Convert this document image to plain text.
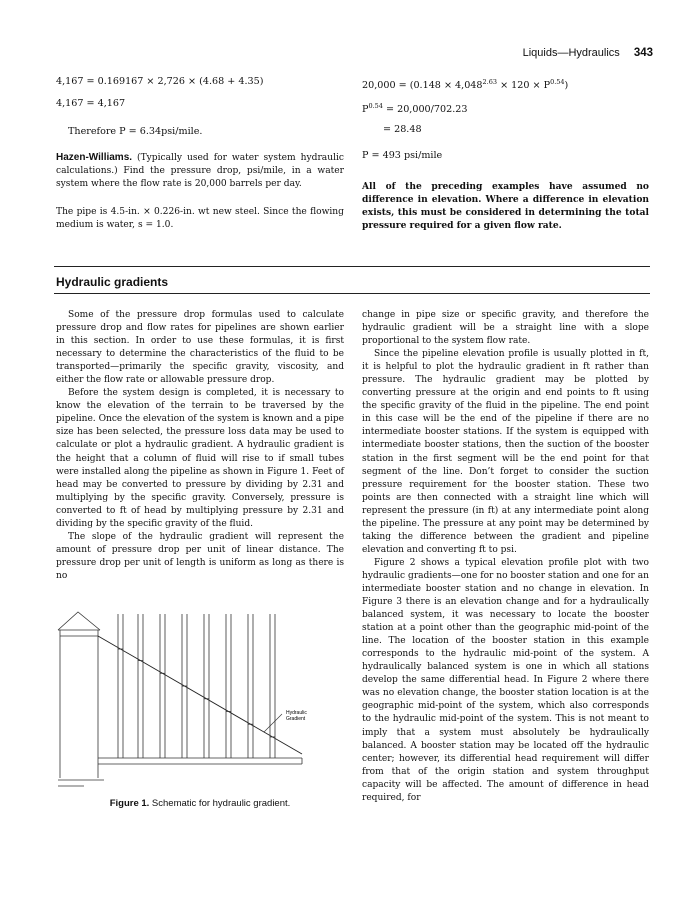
Liquids—Hydraulics 343
4,167 = 0.169167 × 2,726 × (4.68 + 4.35)
4,167 = 4,167
Therefore P = 6.34psi/mile.
Hazen-Williams. (Typically used for water system hydraulic calculations.) Find the pressure drop, psi/mile, in a water system where the flow rate is 20,000 barrels per day.
The pipe is 4.5-in. × 0.226-in. wt new steel. Since the flowing medium is water, s = 1.0.
$20,000 = (0.148 \times 4,048^{2.63} \times 120 \times P^{0.54})$
$P^{0.54} = 20,000/702.23$
= 28.48
P = 493 psi/mile
All of the preceding examples have assumed no difference in elevation. Where a difference in elevation exists, this must be considered in determining the total pressure required for a given flow rate.
Hydraulic gradients

Some of the pressure drop formulas used to calculate pressure drop and flow rates for pipelines are shown earlier in this section. In order to use these formulas, it is first necessary to determine the characteristics of the fluid to be transported—primarily the specific gravity, viscosity, and either the flow rate or allowable pressure drop.

Before the system design is completed, it is necessary to know the elevation of the terrain to be traversed by the pipeline. Once the elevation of the system is known and a pipe size has been selected, the pressure loss data may be used to calculate or plot a hydraulic gradient. A hydraulic gradient is the height that a column of fluid will rise to if small tubes were installed along the pipeline as shown in Figure 1. Feet of head may be converted to pressure by dividing by 2.31 and multiplying by the specific gravity. Conversely, pressure is converted to ft of head by multiplying pressure by 2.31 and dividing by the specific gravity of the fluid.

The slope of the hydraulic gradient will represent the amount of pressure drop per unit of linear distance. The pressure drop per unit of length is uniform as long as there is no

Hydraulic
Gradient
Figure 1. Schematic for hydraulic gradient.

change in pipe size or specific gravity, and therefore the hydraulic gradient will be a straight line with a slope proportional to the system flow rate.

Since the pipeline elevation profile is usually plotted in ft, it is helpful to plot the hydraulic gradient in ft rather than pressure. The hydraulic gradient may be plotted by converting pressure at the origin and end points to ft using the specific gravity of the fluid in the pipeline. The end point in this case will be the end of the pipeline if there are no intermediate booster stations. If the system is equipped with intermediate booster stations, then the suction of the booster station in the first segment will be the end point for that segment of the line. Don’t forget to consider the suction pressure requirement for the booster station. These two points are then connected with a straight line which will represent the pressure (in ft) at any intermediate point along the pipeline. The pressure at any point may be determined by taking the difference between the gradient and pipeline elevation and converting ft to psi.

Figure 2 shows a typical elevation profile plot with two hydraulic gradients—one for no booster station and one for an intermediate booster station and no change in elevation. In Figure 3 there is an elevation change and for a hydraulically balanced system, it was necessary to locate the booster station at a point other than the geographic mid-point of the line. The location of the booster station in this example corresponds to the hydraulic mid-point of the system. A hydraulically balanced system is one in which all stations develop the same differential head. In Figure 2 where there was no elevation change, the booster station location is at the geographic mid-point of the system, which also corresponds to the hydraulic mid-point of the system. This is not meant to imply that a system must absolutely be hydraulically balanced. A booster station may be located off the hydraulic center; however, its differential head requirement will differ from that of the origin station and system throughput capacity will be affected. The amount of difference in head required, for
